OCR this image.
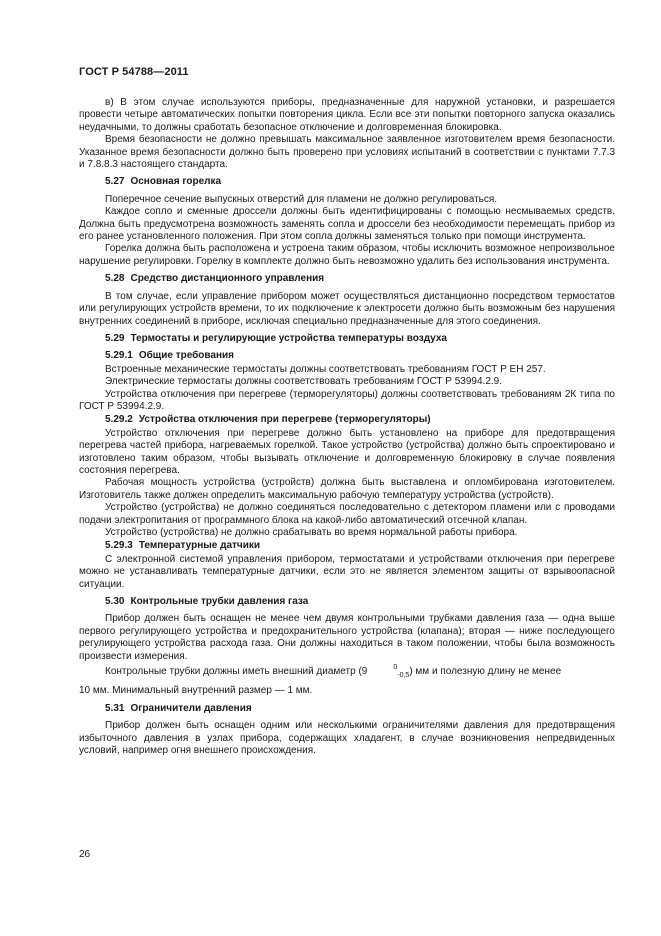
ГОСТ Р 54788—2011

в) В этом случае используются приборы, предназначенные для наружной установки, и разрешается провести четыре автоматических попытки повторения цикла. Если все эти попытки повторного запуска оказались неудачными, то должны сработать безопасное отключение и долговременная блокировка.

Время безопасности не должно превышать максимальное заявленное изготовителем время безопасности. Указанное время безопасности должно быть проверено при условиях испытаний в соответствии с пунктами 7.7.3 и 7.8.8.3 настоящего стандарта.

5.27 Основная горелка

Поперечное сечение выпускных отверстий для пламени не должно регулироваться.

Каждое сопло и сменные дроссели должны быть идентифицированы с помощью несмываемых средств. Должна быть предусмотрена возможность заменять сопла и дроссели без необходимости перемещать прибор из его ранее установленного положения. При этом сопла должны заменяться только при помощи инструмента.

Горелка должна быть расположена и устроена таким образом, чтобы исключить возможное непроизвольное нарушение регулировки. Горелку в комплекте должно быть невозможно удалить без использования инструмента.

5.28 Средство дистанционного управления

В том случае, если управление прибором может осуществляться дистанционно посредством термостатов или регулирующих устройств времени, то их подключение к электросети должно быть возможным без нарушения внутренних соединений в приборе, исключая специально предназначенные для этого соединения.

5.29 Термостаты и регулирующие устройства температуры воздуха
5.29.1 Общие требования

Встроенные механические термостаты должны соответствовать требованиям ГОСТ Р ЕН 257.

Электрические термостаты должны соответствовать требованиям ГОСТ Р 53994.2.9.

Устройства отключения при перегреве (терморегуляторы) должны соответствовать требованиям 2К типа по ГОСТ Р 53994.2.9.

5.29.2 Устройства отключения при перегреве (терморегуляторы)

Устройство отключения при перегреве должно быть установлено на приборе для предотвращения перегрева частей прибора, нагреваемых горелкой. Такое устройство (устройства) должно быть спроектировано и изготовлено таким образом, чтобы вызывать отключение и долговременную блокировку в случае появления состояния перегрева.

Рабочая мощность устройства (устройств) должна быть выставлена и опломбирована изготовителем. Изготовитель также должен определить максимальную рабочую температуру устройства (устройств).

Устройство (устройства) не должно соединяться последовательно с детектором пламени или с проводами подачи электропитания от программного блока на какой-либо автоматический отсечной клапан.

Устройство (устройства) не должно срабатывать во время нормальной работы прибора.

5.29.3 Температурные датчики

С электронной системой управления прибором, термостатами и устройствами отключения при перегреве можно не устанавливать температурные датчики, если это не является элементом защиты от взрывоопасной ситуации.

5.30 Контрольные трубки давления газа

Прибор должен быть оснащен не менее чем двумя контрольными трубками давления газа — одна выше первого регулирующего устройства и предохранительного устройства (клапана); вторая — ниже последующего регулирующего устройства расхода газа. Они должны находиться в таком положении, чтобы была возможность произвести измерения.

Контрольные трубки должны иметь внешний диаметр (9	$^0_{-0,5}$) мм и полезную длину не менее

10 мм. Минимальный внутренний размер — 1 мм.

5.31 Ограничители давления

Прибор должен быть оснащен одним или несколькими ограничителями давления для предотвращения избыточного давления в узлах прибора, содержащих хладагент, в случае возникновения непредвиденных условий, например огня внешнего происхождения.

26
